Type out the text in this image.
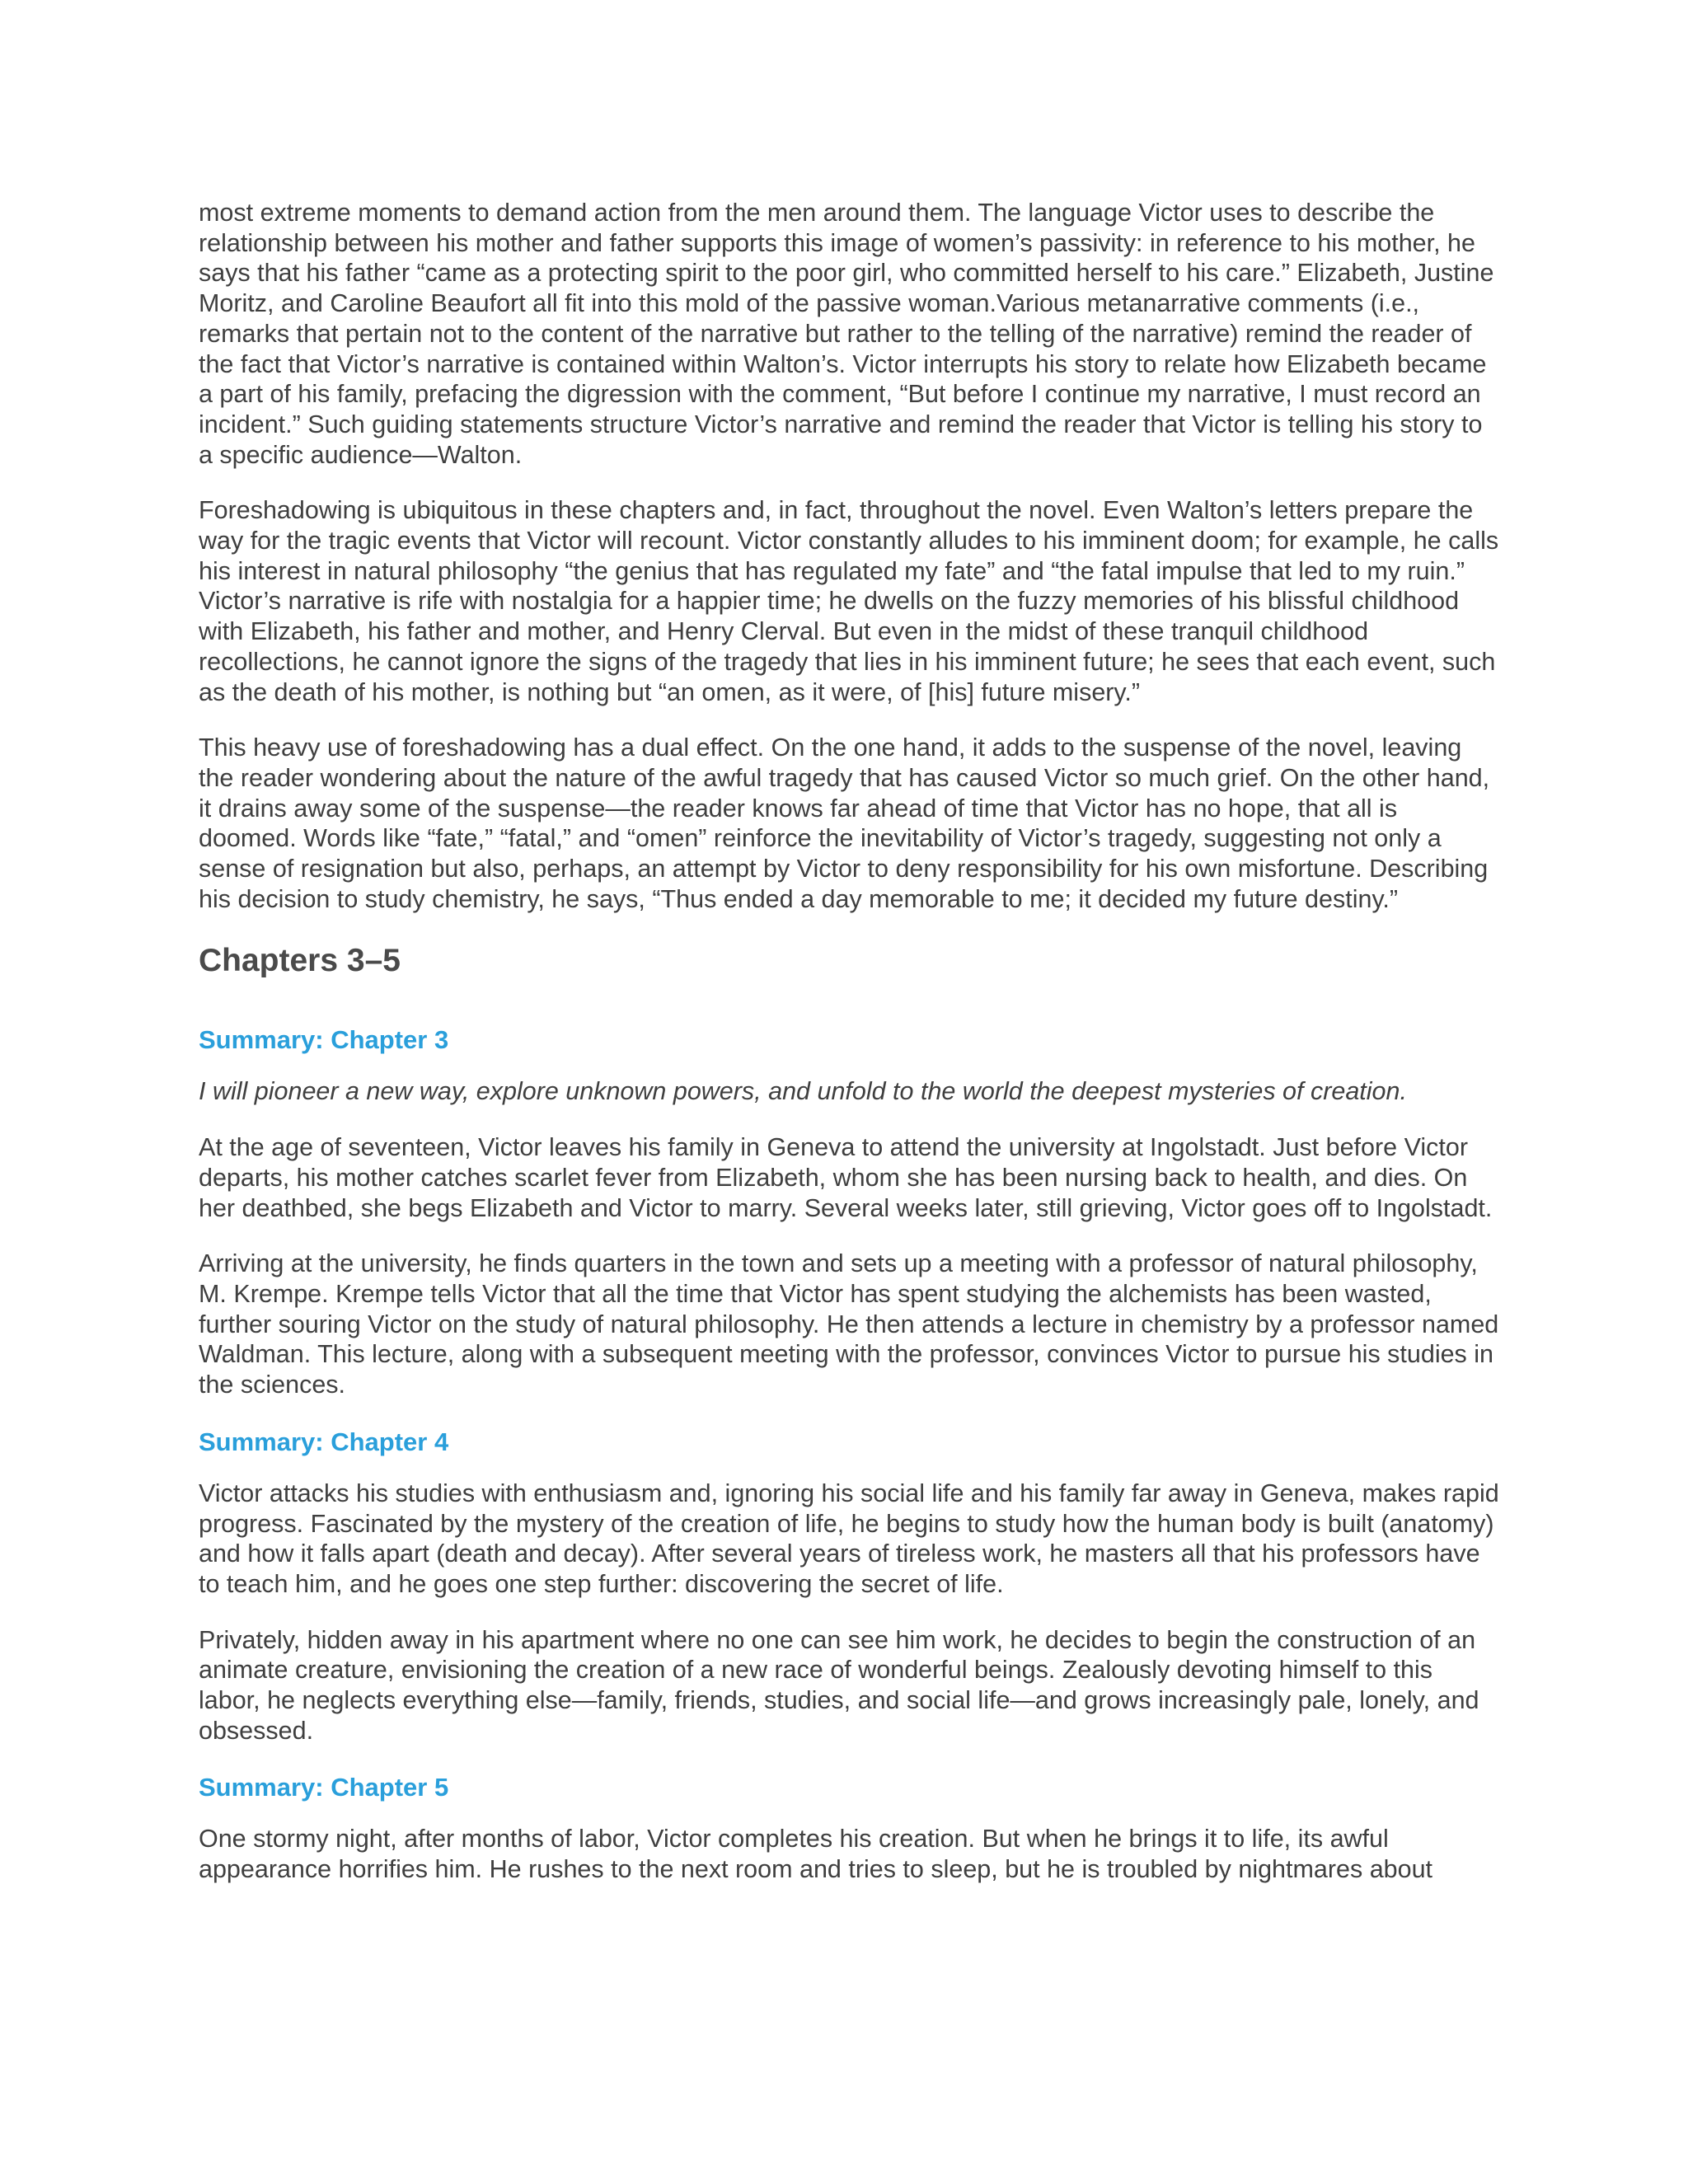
most extreme moments to demand action from the men around them. The language Victor uses to describe the relationship between his mother and father supports this image of women’s passivity: in reference to his mother, he says that his father “came as a protecting spirit to the poor girl, who committed herself to his care.” Elizabeth, Justine Moritz, and Caroline Beaufort all fit into this mold of the passive woman.Various metanarrative comments (i.e., remarks that pertain not to the content of the narrative but rather to the telling of the narrative) remind the reader of the fact that Victor’s narrative is contained within Walton’s. Victor interrupts his story to relate how Elizabeth became a part of his family, prefacing the digression with the comment, “But before I continue my narrative, I must record an incident.” Such guiding statements structure Victor’s narrative and remind the reader that Victor is telling his story to a specific audience—Walton.

Foreshadowing is ubiquitous in these chapters and, in fact, throughout the novel. Even Walton’s letters prepare the way for the tragic events that Victor will recount. Victor constantly alludes to his imminent doom; for example, he calls his interest in natural philosophy “the genius that has regulated my fate” and “the fatal impulse that led to my ruin.” Victor’s narrative is rife with nostalgia for a happier time; he dwells on the fuzzy memories of his blissful childhood with Elizabeth, his father and mother, and Henry Clerval. But even in the midst of these tranquil childhood recollections, he cannot ignore the signs of the tragedy that lies in his imminent future; he sees that each event, such as the death of his mother, is nothing but “an omen, as it were, of [his] future misery.”

This heavy use of foreshadowing has a dual effect. On the one hand, it adds to the suspense of the novel, leaving the reader wondering about the nature of the awful tragedy that has caused Victor so much grief. On the other hand, it drains away some of the suspense—the reader knows far ahead of time that Victor has no hope, that all is doomed. Words like “fate,” “fatal,” and “omen” reinforce the inevitability of Victor’s tragedy, suggesting not only a sense of resignation but also, perhaps, an attempt by Victor to deny responsibility for his own misfortune. Describing his decision to study chemistry, he says, “Thus ended a day memorable to me; it decided my future destiny.”

Chapters 3–5
Summary: Chapter 3

I will pioneer a new way, explore unknown powers, and unfold to the world the deepest mysteries of creation.

At the age of seventeen, Victor leaves his family in Geneva to attend the university at Ingolstadt. Just before Victor departs, his mother catches scarlet fever from Elizabeth, whom she has been nursing back to health, and dies. On her deathbed, she begs Elizabeth and Victor to marry. Several weeks later, still grieving, Victor goes off to Ingolstadt.

Arriving at the university, he finds quarters in the town and sets up a meeting with a professor of natural philosophy, M. Krempe. Krempe tells Victor that all the time that Victor has spent studying the alchemists has been wasted, further souring Victor on the study of natural philosophy. He then attends a lecture in chemistry by a professor named Waldman. This lecture, along with a subsequent meeting with the professor, convinces Victor to pursue his studies in the sciences.

Summary: Chapter 4

Victor attacks his studies with enthusiasm and, ignoring his social life and his family far away in Geneva, makes rapid progress. Fascinated by the mystery of the creation of life, he begins to study how the human body is built (anatomy) and how it falls apart (death and decay). After several years of tireless work, he masters all that his professors have to teach him, and he goes one step further: discovering the secret of life.

Privately, hidden away in his apartment where no one can see him work, he decides to begin the construction of an animate creature, envisioning the creation of a new race of wonderful beings. Zealously devoting himself to this labor, he neglects everything else—family, friends, studies, and social life—and grows increasingly pale, lonely, and obsessed.

Summary: Chapter 5

One stormy night, after months of labor, Victor completes his creation. But when he brings it to life, its awful appearance horrifies him. He rushes to the next room and tries to sleep, but he is troubled by nightmares about
